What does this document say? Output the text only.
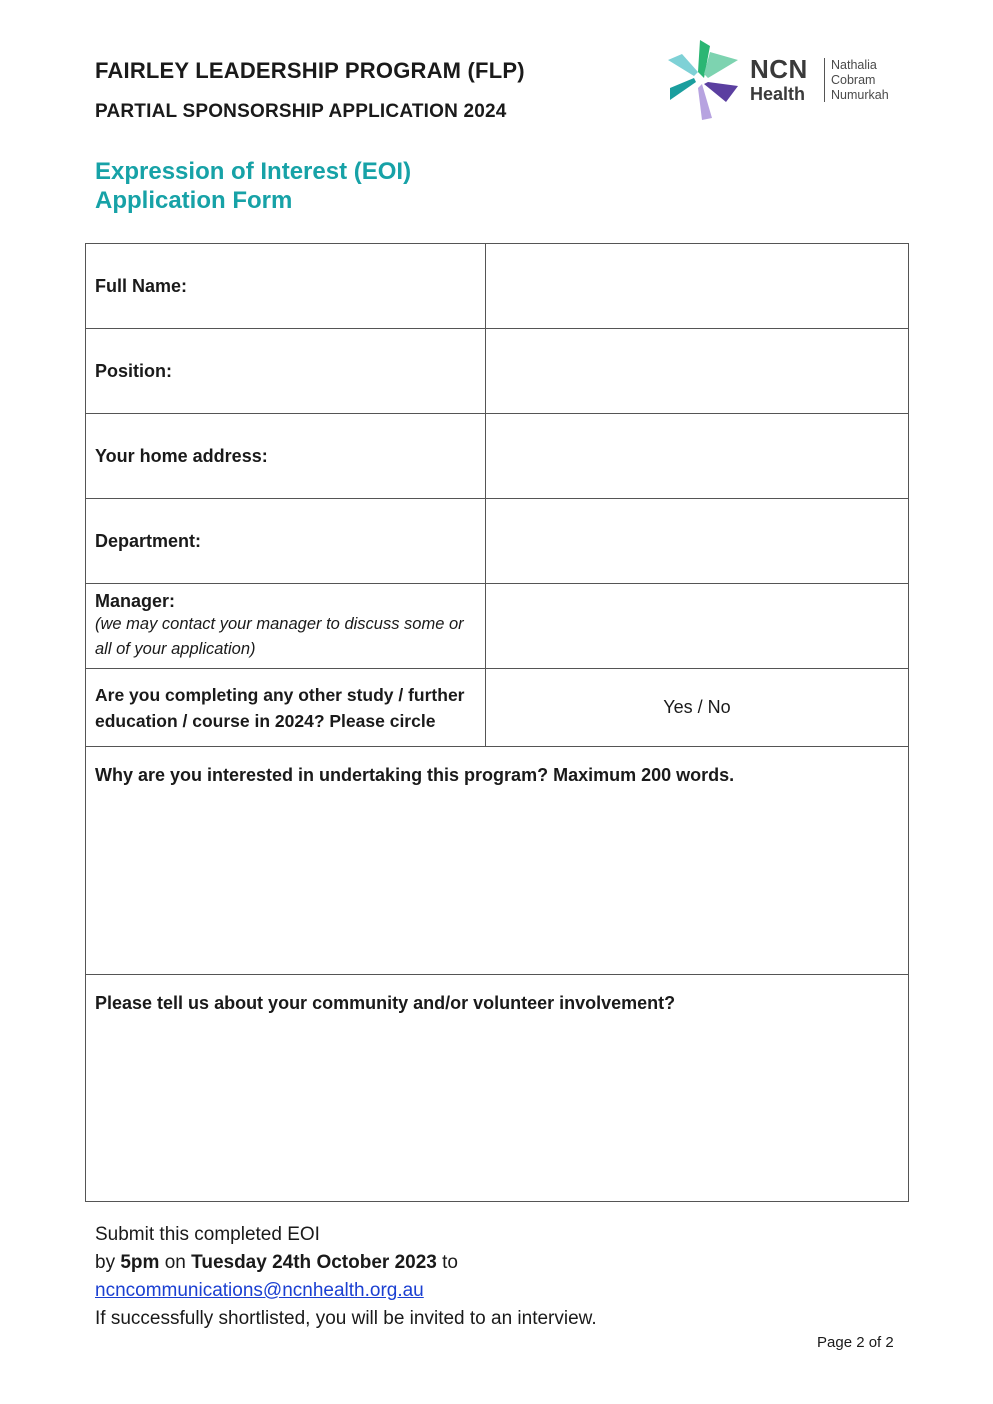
FAIRLEY LEADERSHIP PROGRAM (FLP)
PARTIAL SPONSORSHIP APPLICATION 2024
Expression of Interest (EOI)
Application Form
NCN
Health
Nathalia
Cobram
Numurkah
Full Name:	
Position:	
Your home address:	
Department:	

Manager:
(we may contact your manager to discuss some or all of your application)	

Are you completing any other study / further education / course in 2024? Please circle	Yes / No
Why are you interested in undertaking this program? Maximum 200 words.	
Please tell us about your community and/or volunteer involvement?	
Submit this completed EOI
by 5pm on Tuesday 24th October 2023 to
ncncommunications@ncnhealth.org.au
If successfully shortlisted, you will be invited to an interview.
Page 2 of 2
